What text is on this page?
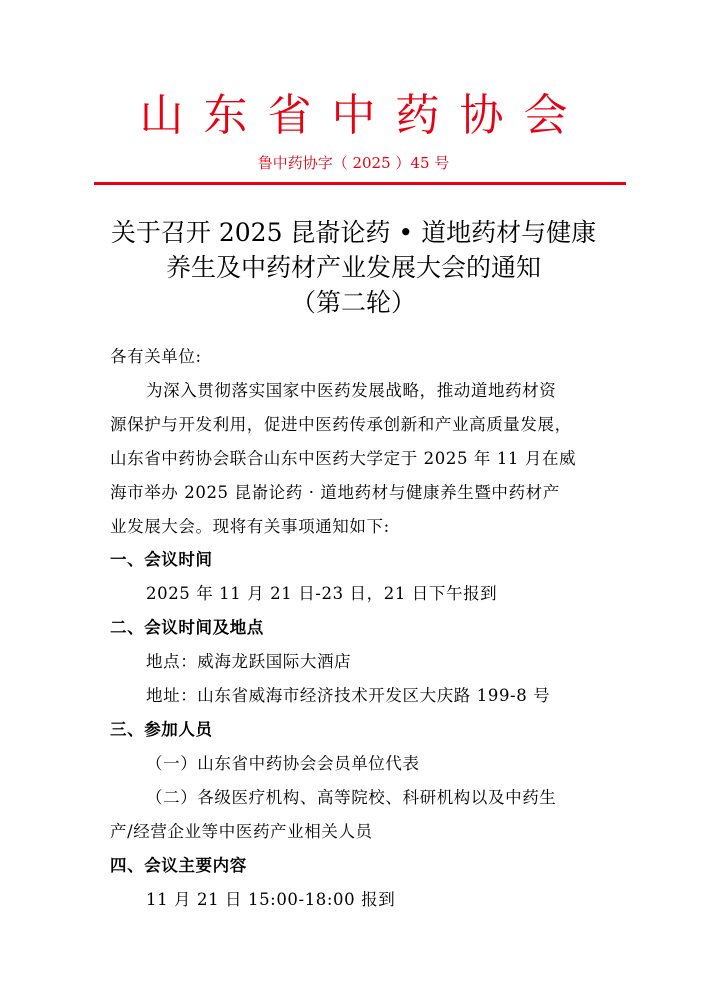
山东省中药协会
鲁中药协字（ 2025 ）45 号
关于召开 2025 昆嵛论药 • 道地药材与健康
养生及中药材产业发展大会的通知
（第二轮）
各有关单位:
为深入贯彻落实国家中医药发展战略，推动道地药材资
源保护与开发利用，促进中医药传承创新和产业高质量发展，
山东省中药协会联合山东中医药大学定于 2025 年 11 月在威
海市举办 2025 昆嵛论药 · 道地药材与健康养生暨中药材产
业发展大会。现将有关事项通知如下:
一、会议时间
2025 年 11 月 21 日-23 日，21 日下午报到
二、会议时间及地点
地点：威海龙跃国际大酒店
地址：山东省威海市经济技术开发区大庆路 199-8 号
三、参加人员
（一）山东省中药协会会员单位代表
（二）各级医疗机构、高等院校、科研机构以及中药生
产/经营企业等中医药产业相关人员
四、会议主要内容
11 月 21 日 15:00-18:00 报到
